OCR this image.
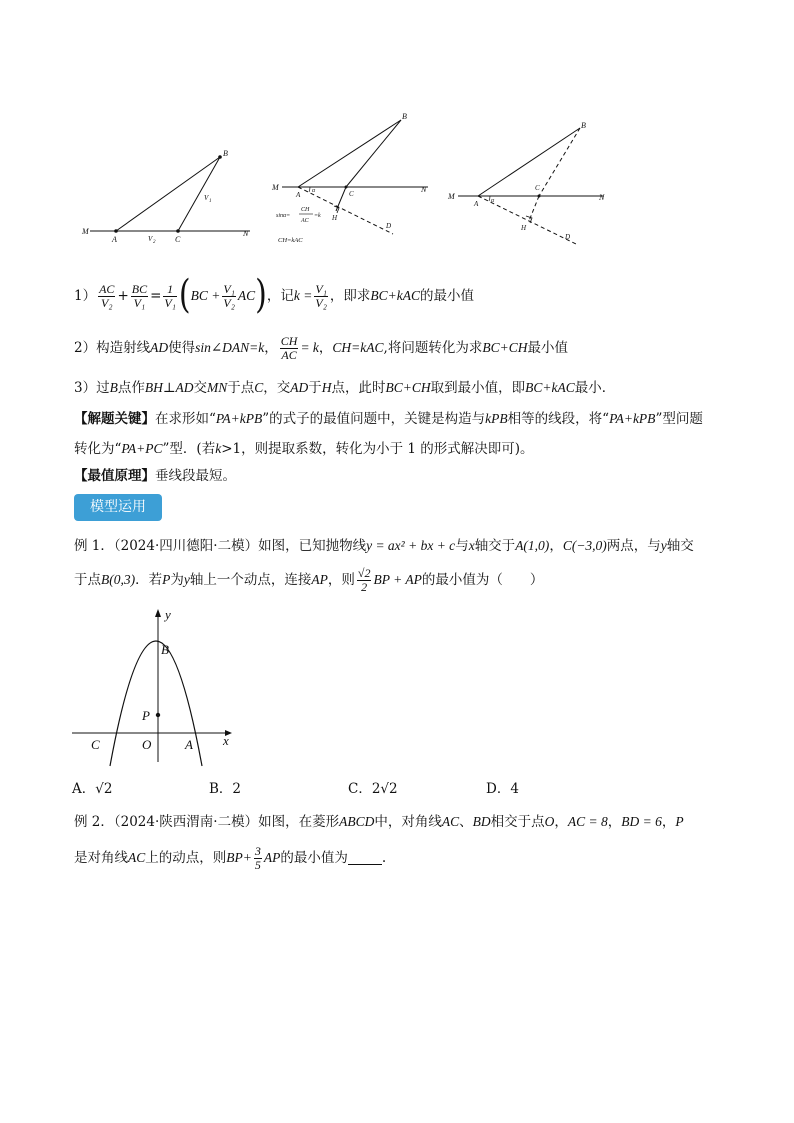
B
M
A	C
N
V 1
V 2
B
M
A α	C	N
H
D
sinα=
CH
AC
=k
CH=kAC
B
M
A α
C
N
H
D
$1) \frac{AC}{\text{V₂}} + \frac{BC}{\text{V₁}} = \frac{1}{\text{V₁}}$ ( BC + $\frac{\text{V₁}}{\text{V₂}}$ AC ) ，记 $k = \frac{\text{V₁}}{\text{V₂}}$ ，即求 BC+kAC 的最小值
2）构造射线 AD 使得 sin∠DAN=k ， $\frac{CH}{AC} = k$ ， CH=kAC ,将问题转化为求 BC+CH 最小值
3）过B点作BH⊥AD交MN于点C，交AD于H点，此时BC+CH取到最小值，即BC+kAC最小．
【解题关键】在求形如“PA+kPB”的式子的最值问题中，关键是构造与kPB相等的线段，将“PA+kPB”型问题
转化为“PA+PC”型．(若k>1，则提取系数，转化为小于 1 的形式解决即可)。
【最值原理】垂线段最短。
模型运用
例 1．（2024·四川德阳·二模）如图，已知抛物线y = ax² + bx + c与x轴交于A(1,0)，C(−3,0)两点，与y轴交
于点 B(0,3) ．若 P 为 y 轴上一个动点，连接 AP ，则 $\frac{√2}{2}$ BP + AP 的最小值为（　　）
y
B
P
C	O	A x
A．√2	B．2	C．2√2	D．4
例 2．（2024·陕西渭南·二模）如图，在菱形ABCD中，对角线AC、BD相交于点O，AC = 8，BD = 6，P
是对角线 AC 上的动点，则 $BP+ \frac{3}{5}$ AP 的最小值为	.
